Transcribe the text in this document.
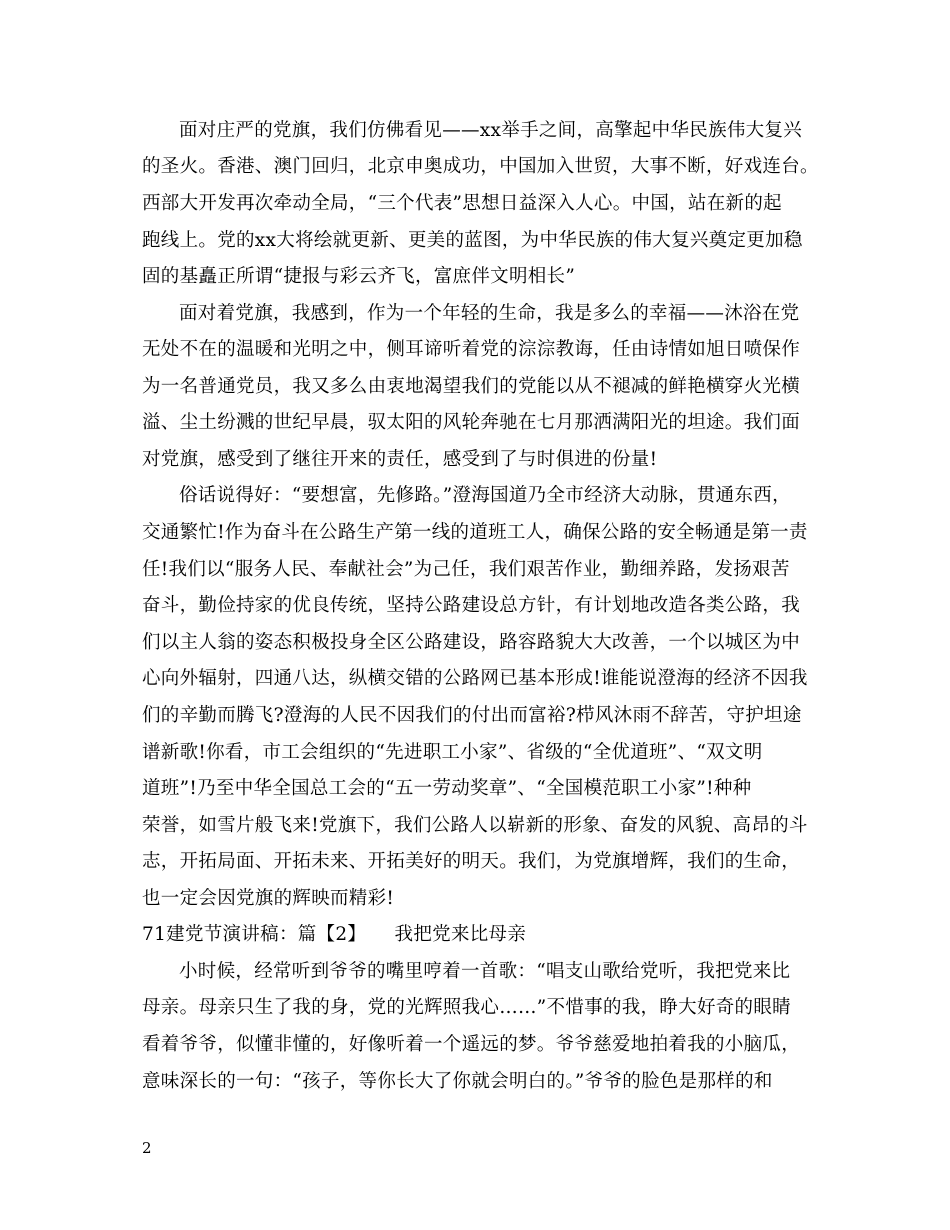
面对庄严的党旗，我们仿佛看见——xx举手之间，高擎起中华民族伟大复兴
的圣火。香港、澳门回归，北京申奥成功，中国加入世贸，大事不断，好戏连台。
西部大开发再次牵动全局，“三个代表”思想日益深入人心。中国，站在新的起
跑线上。党的xx大将绘就更新、更美的蓝图，为中华民族的伟大复兴奠定更加稳
固的基矗正所谓“捷报与彩云齐飞，富庶伴文明相长”
面对着党旗，我感到，作为一个年轻的生命，我是多么的幸福——沐浴在党
无处不在的温暖和光明之中，侧耳谛听着党的淙淙教诲，任由诗情如旭日喷保作
为一名普通党员，我又多么由衷地渴望我们的党能以从不褪减的鲜艳横穿火光横
溢、尘土纷溅的世纪早晨，驭太阳的风轮奔驰在七月那洒满阳光的坦途。我们面
对党旗，感受到了继往开来的责任，感受到了与时俱进的份量!
俗话说得好：“要想富，先修路。”澄海国道乃全市经济大动脉，贯通东西，
交通繁忙!作为奋斗在公路生产第一线的道班工人，确保公路的安全畅通是第一责
任!我们以“服务人民、奉献社会”为己任，我们艰苦作业，勤细养路，发扬艰苦
奋斗，勤俭持家的优良传统，坚持公路建设总方针，有计划地改造各类公路，我
们以主人翁的姿态积极投身全区公路建设，路容路貌大大改善，一个以城区为中
心向外辐射，四通八达，纵横交错的公路网已基本形成!谁能说澄海的经济不因我
们的辛勤而腾飞?澄海的人民不因我们的付出而富裕?栉风沐雨不辞苦，守护坦途
谱新歌!你看，市工会组织的“先进职工小家”、省级的“全优道班”、“双文明
道班”!乃至中华全国总工会的“五一劳动奖章”、“全国模范职工小家”!种种
荣誉，如雪片般飞来!党旗下，我们公路人以崭新的形象、奋发的风貌、高昂的斗
志，开拓局面、开拓未来、开拓美好的明天。我们，为党旗增辉，我们的生命，
也一定会因党旗的辉映而精彩!
71建党节演讲稿：篇【2】　　我把党来比母亲
小时候，经常听到爷爷的嘴里哼着一首歌：“唱支山歌给党听，我把党来比
母亲。母亲只生了我的身，党的光辉照我心……”不惜事的我，睁大好奇的眼睛
看着爷爷，似懂非懂的，好像听着一个遥远的梦。爷爷慈爱地拍着我的小脑瓜，
意味深长的一句：“孩子，等你长大了你就会明白的。”爷爷的脸色是那样的和
2
